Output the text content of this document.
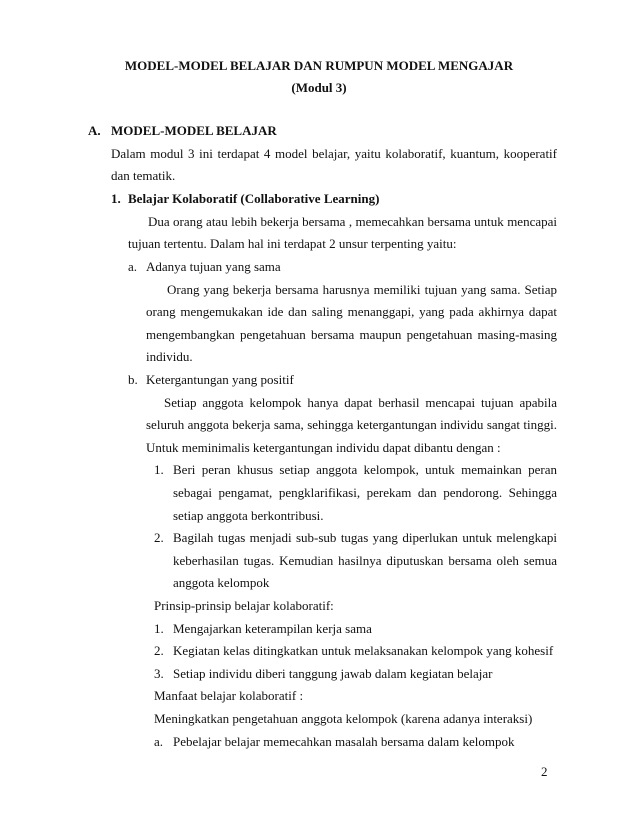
MODEL-MODEL BELAJAR DAN RUMPUN MODEL MENGAJAR
(Modul 3)
A. MODEL-MODEL BELAJAR
Dalam modul 3 ini terdapat 4 model belajar, yaitu kolaboratif, kuantum, kooperatif
dan tematik.
1. Belajar Kolaboratif (Collaborative Learning)
Dua orang atau lebih bekerja bersama , memecahkan bersama untuk mencapai
tujuan tertentu. Dalam hal ini terdapat 2 unsur terpenting yaitu:
a. Adanya tujuan yang sama
Orang yang bekerja bersama harusnya memiliki tujuan yang sama. Setiap
orang mengemukakan ide dan saling menanggapi, yang pada akhirnya dapat
mengembangkan pengetahuan bersama maupun pengetahuan masing-masing
individu.
b. Ketergantungan yang positif
Setiap anggota kelompok hanya dapat berhasil mencapai tujuan apabila
seluruh anggota bekerja sama, sehingga ketergantungan individu sangat tinggi.
Untuk meminimalis ketergantungan individu dapat dibantu dengan :
1. Beri peran khusus setiap anggota kelompok, untuk memainkan peran
sebagai pengamat, pengklarifikasi, perekam dan pendorong. Sehingga
setiap anggota berkontribusi.
2. Bagilah tugas menjadi sub-sub tugas yang diperlukan untuk melengkapi
keberhasilan tugas. Kemudian hasilnya diputuskan bersama oleh semua
anggota kelompok
Prinsip-prinsip belajar kolaboratif:
1. Mengajarkan keterampilan kerja sama
2. Kegiatan kelas ditingkatkan untuk melaksanakan kelompok yang kohesif
3. Setiap individu diberi tanggung jawab dalam kegiatan belajar
Manfaat belajar kolaboratif :
Meningkatkan pengetahuan anggota kelompok (karena adanya interaksi)
a. Pebelajar belajar memecahkan masalah bersama dalam kelompok
2
